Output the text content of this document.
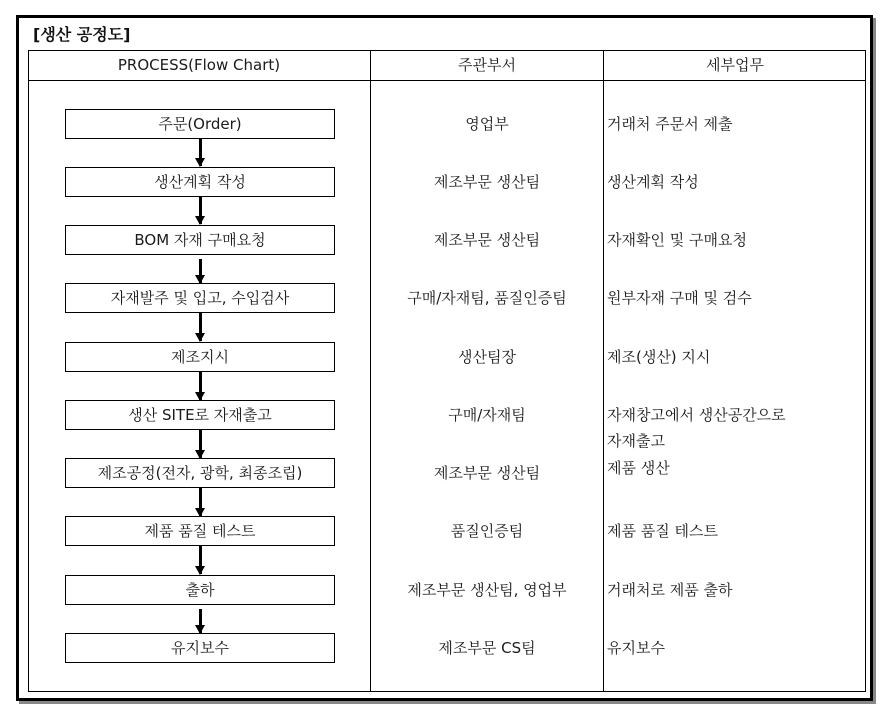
[생산 공정도]
PROCESS(Flow Chart)	주관부서	세부업무
주문(Order)
생산계획 작성
BOM 자재 구매요청
자재발주 및 입고, 수입검사
제조지시
생산 SITE로 자재출고
제조공정(전자, 광학, 최종조립)
제품 품질 테스트
출하
유지보수
영업부
제조부문 생산팀
제조부문 생산팀
구매/자재팀, 품질인증팀
생산팀장
구매/자재팀
제조부문 생산팀
품질인증팀
제조부문 생산팀, 영업부
제조부문 CS팀
거래처 주문서 제출
생산계획 작성
자재확인 및 구매요청
원부자재 구매 및 검수
제조(생산) 지시
자재창고에서 생산공간으로
자재출고
제품 생산
제품 품질 테스트
거래처로 제품 출하
유지보수
